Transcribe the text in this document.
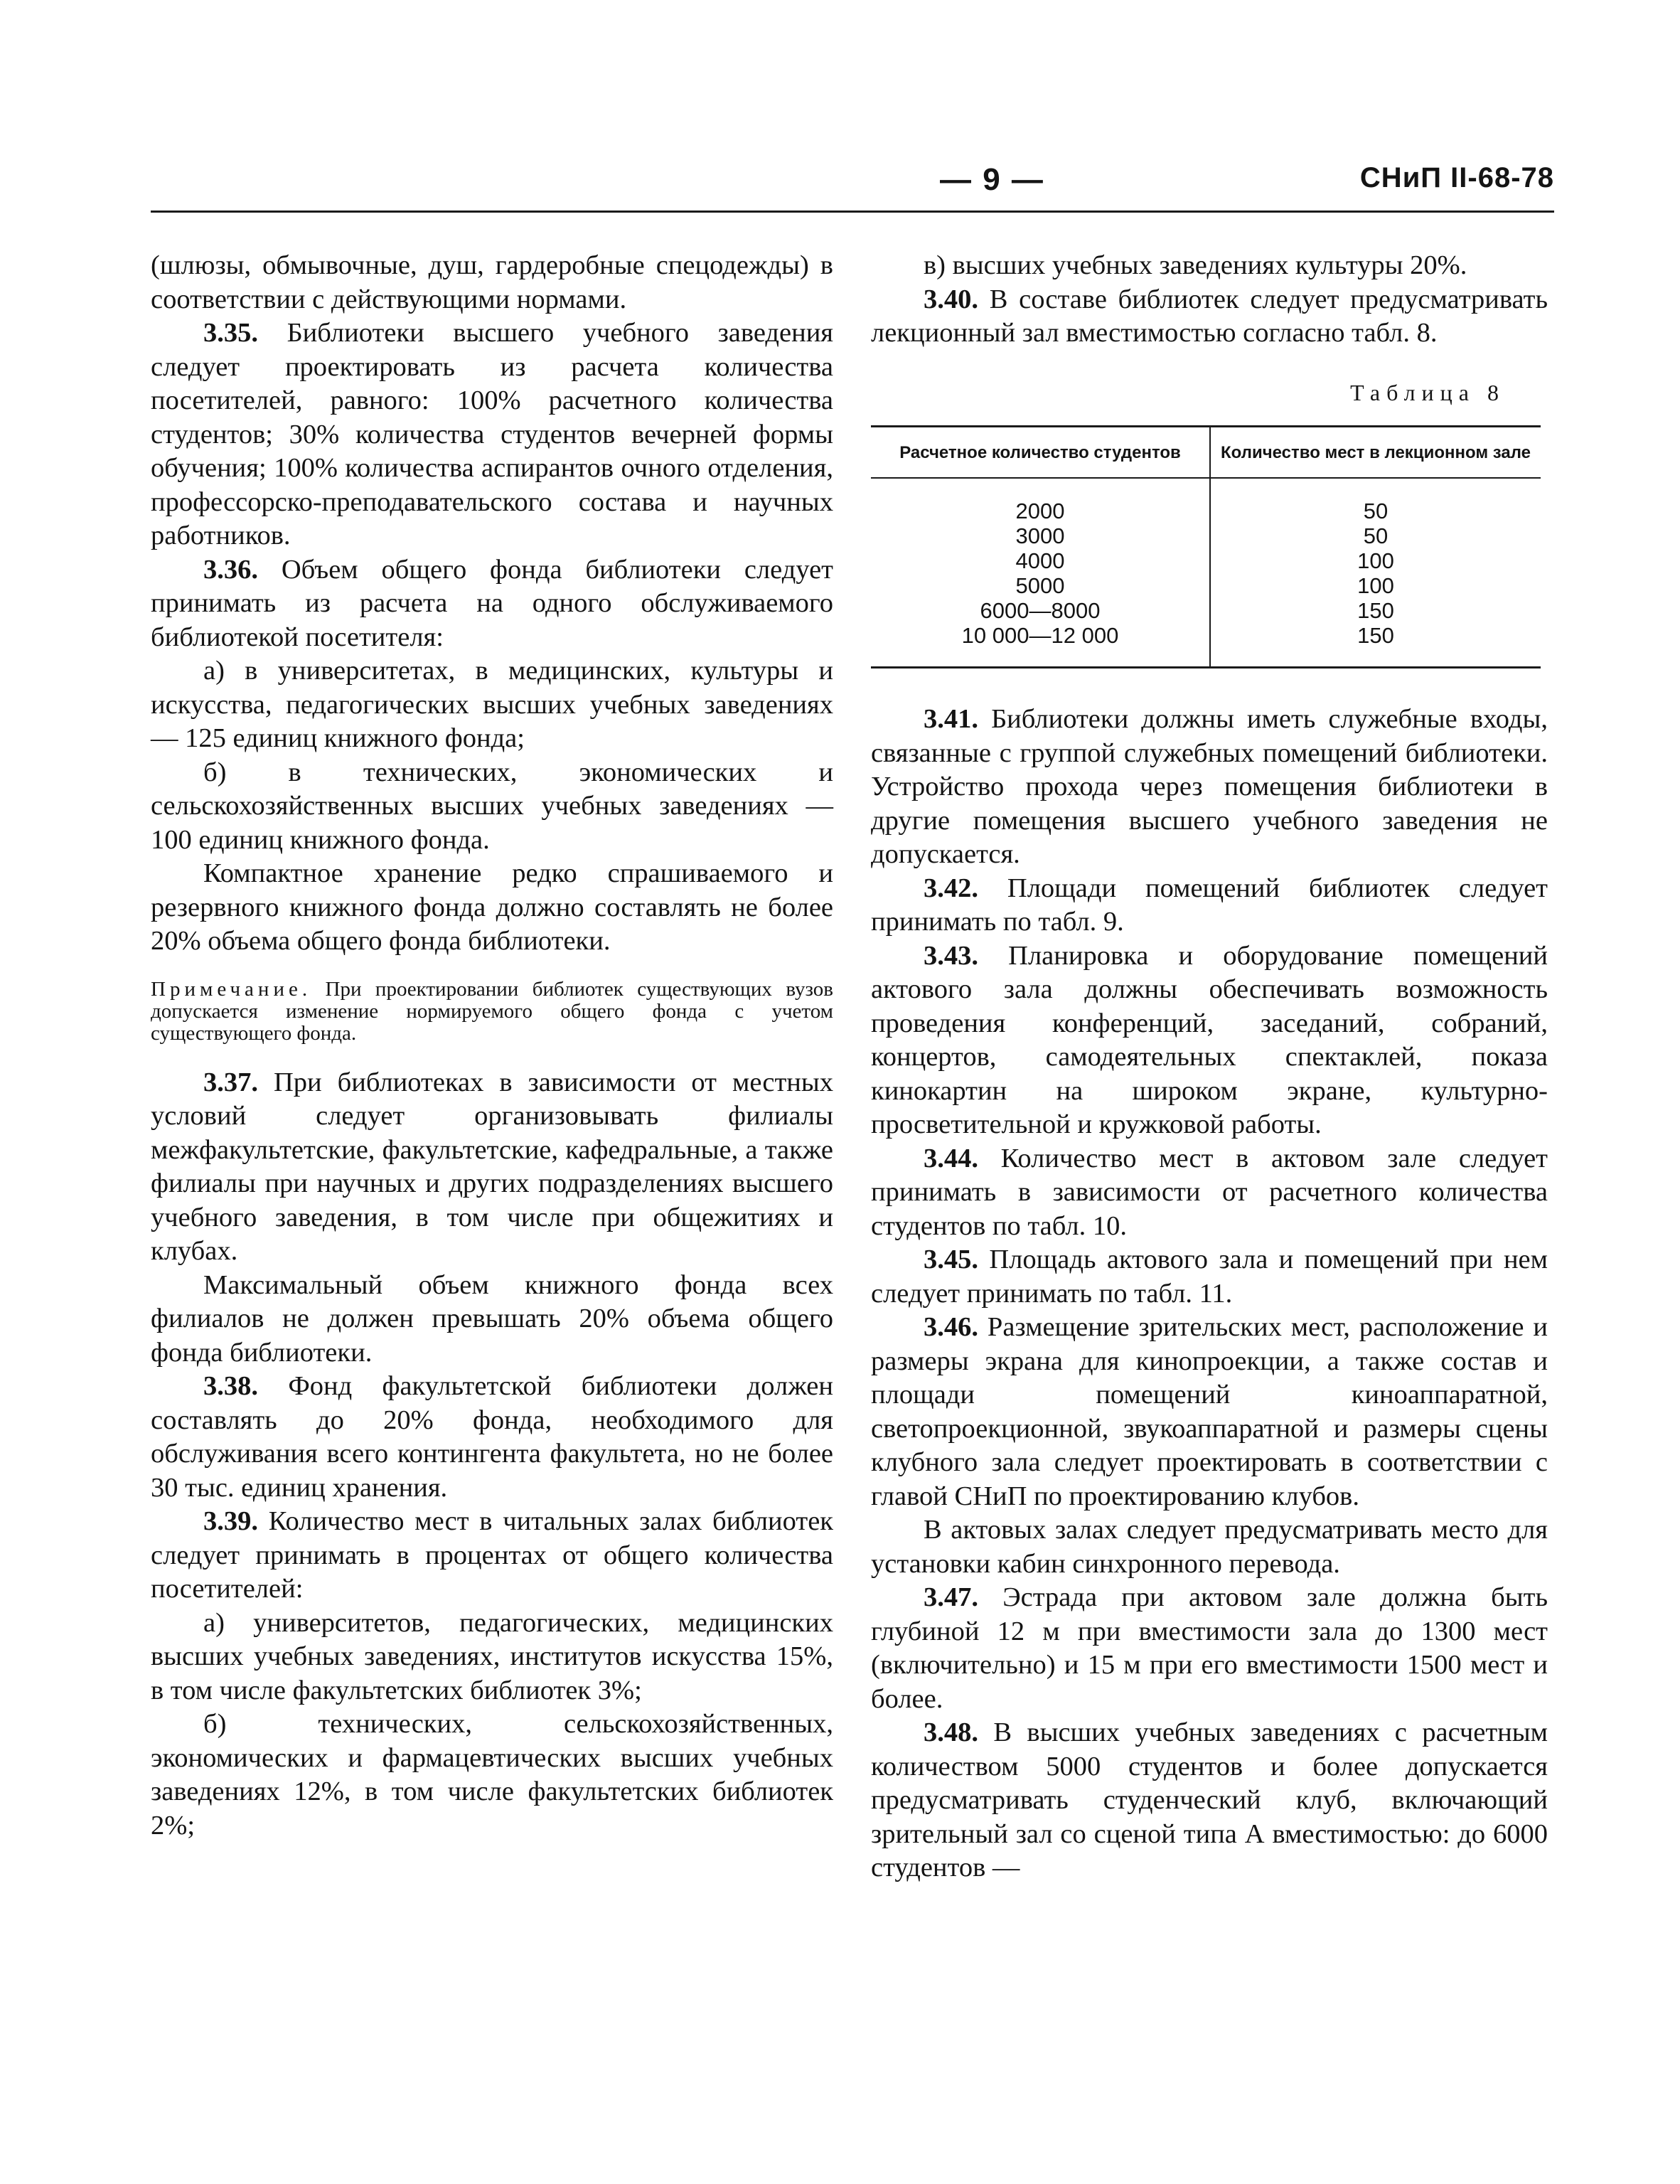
— 9 —	СНиП II-68-78

(шлюзы, обмывочные, душ, гардеробные спецодежды) в соответствии с действующими нормами.

3.35. Библиотеки высшего учебного заведения следует проектировать из расчета количества посетителей, равного: 100% расчетного количества студентов; 30% количества студентов вечерней формы обучения; 100% количества аспирантов очного отделения, профессорско-преподавательского состава и научных работников.

3.36. Объем общего фонда библиотеки следует принимать из расчета на одного обслуживаемого библиотекой посетителя:

а) в университетах, в медицинских, культуры и искусства, педагогических высших учебных заведениях — 125 единиц книжного фонда;

б) в технических, экономических и сельскохозяйственных высших учебных заведениях — 100 единиц книжного фонда.

Компактное хранение редко спрашиваемого и резервного книжного фонда должно составлять не более 20% объема общего фонда библиотеки.

Примечание. При проектировании библиотек существующих вузов допускается изменение нормируемого общего фонда с учетом существующего фонда.

3.37. При библиотеках в зависимости от местных условий следует организовывать филиалы межфакультетские, факультетские, кафедральные, а также филиалы при научных и других подразделениях высшего учебного заведения, в том числе при общежитиях и клубах.

Максимальный объем книжного фонда всех филиалов не должен превышать 20% объема общего фонда библиотеки.

3.38. Фонд факультетской библиотеки должен составлять до 20% фонда, необходимого для обслуживания всего контингента факультета, но не более 30 тыс. единиц хранения.

3.39. Количество мест в читальных залах библиотек следует принимать в процентах от общего количества посетителей:

а) университетов, педагогических, медицинских высших учебных заведениях, институтов искусства 15%, в том числе факультетских библиотек 3%;

б) технических, сельскохозяйственных, экономических и фармацевтических высших учебных заведениях 12%, в том числе факультетских библиотек 2%;

в) высших учебных заведениях культуры 20%.

3.40. В составе библиотек следует предусматривать лекционный зал вместимостью согласно табл. 8.

Таблица 8
Расчетное количество студентов	Количество мест в лекционном зале
2000	50
3000	50
4000	100
5000	100
6000—8000	150
10 000—12 000	150

3.41. Библиотеки должны иметь служебные входы, связанные с группой служебных помещений библиотеки. Устройство прохода через помещения библиотеки в другие помещения высшего учебного заведения не допускается.

3.42. Площади помещений библиотек следует принимать по табл. 9.

3.43. Планировка и оборудование помещений актового зала должны обеспечивать возможность проведения конференций, заседаний, собраний, концертов, самодеятельных спектаклей, показа кинокартин на широком экране, культурно-просветительной и кружковой работы.

3.44. Количество мест в актовом зале следует принимать в зависимости от расчетного количества студентов по табл. 10.

3.45. Площадь актового зала и помещений при нем следует принимать по табл. 11.

3.46. Размещение зрительских мест, расположение и размеры экрана для кинопроекции, а также состав и площади помещений киноаппаратной, светопроекционной, звукоаппаратной и размеры сцены клубного зала следует проектировать в соответствии с главой СНиП по проектированию клубов.

В актовых залах следует предусматривать место для установки кабин синхронного перевода.

3.47. Эстрада при актовом зале должна быть глубиной 12 м при вместимости зала до 1300 мест (включительно) и 15 м при его вместимости 1500 мест и более.

3.48. В высших учебных заведениях с расчетным количеством 5000 студентов и более допускается предусматривать студенческий клуб, включающий зрительный зал со сценой типа А вместимостью: до 6000 студентов —
